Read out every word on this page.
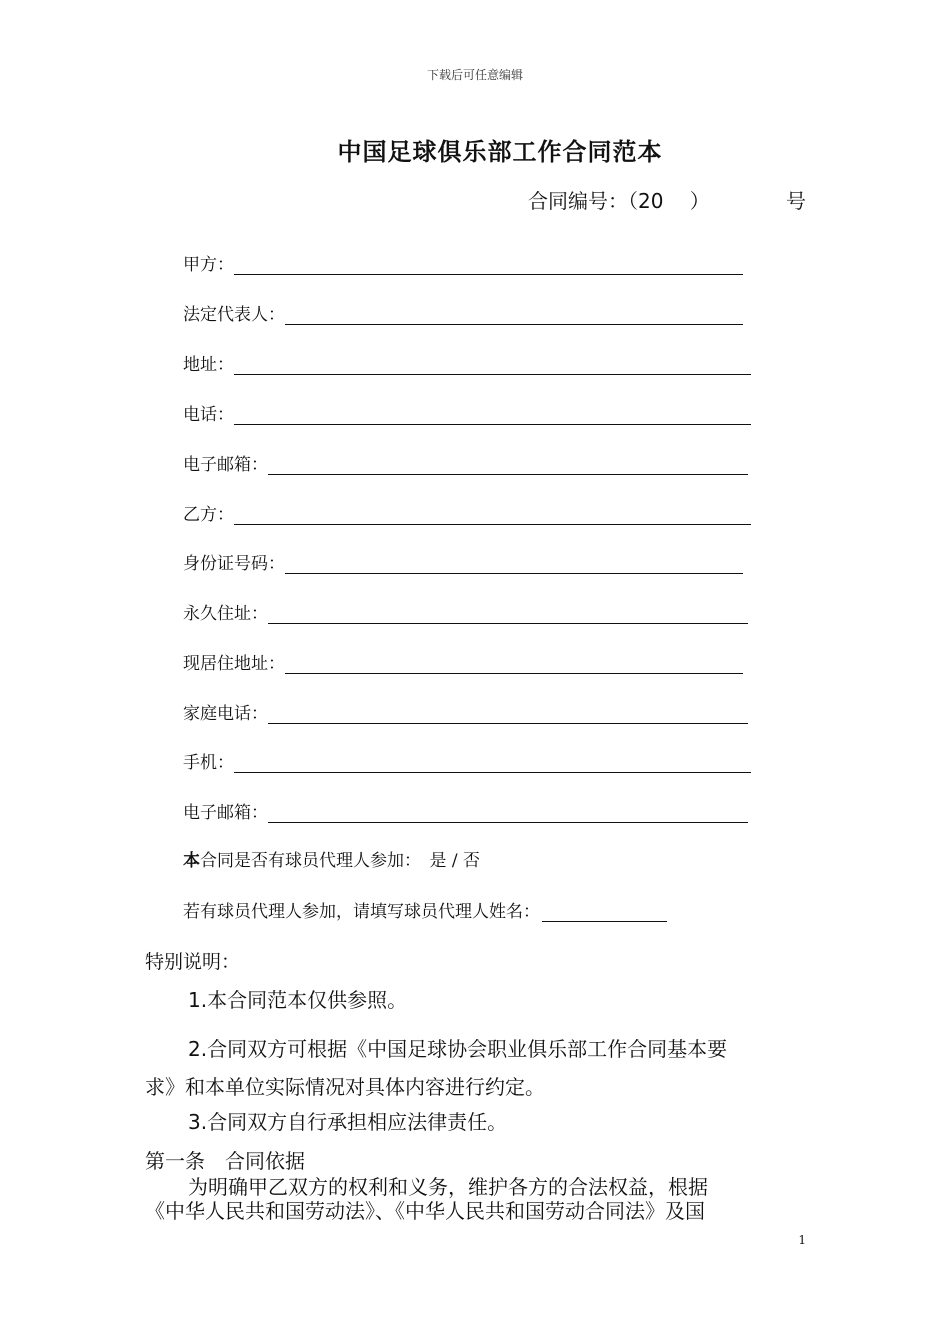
下载后可任意编辑
中国足球俱乐部工作合同范本
合同编号：（20　 ）	号
甲方：
法定代表人：
地址：
电话：
电子邮箱：
乙方：
身份证号码：
永久住址：
现居住地址：
家庭电话：
手机：
电子邮箱：
本合同是否有球员代理人参加：　是 / 否
若有球员代理人参加，请填写球员代理人姓名：
特别说明：
1.本合同范本仅供参照。
2.合同双方可根据《中国足球协会职业俱乐部工作合同基本要
求》和本单位实际情况对具体内容进行约定。
3.合同双方自行承担相应法律责任。
第一条　合同依据
为明确甲乙双方的权利和义务，维护各方的合法权益，根据
《中华人民共和国劳动法》、《中华人民共和国劳动合同法》及国
1
